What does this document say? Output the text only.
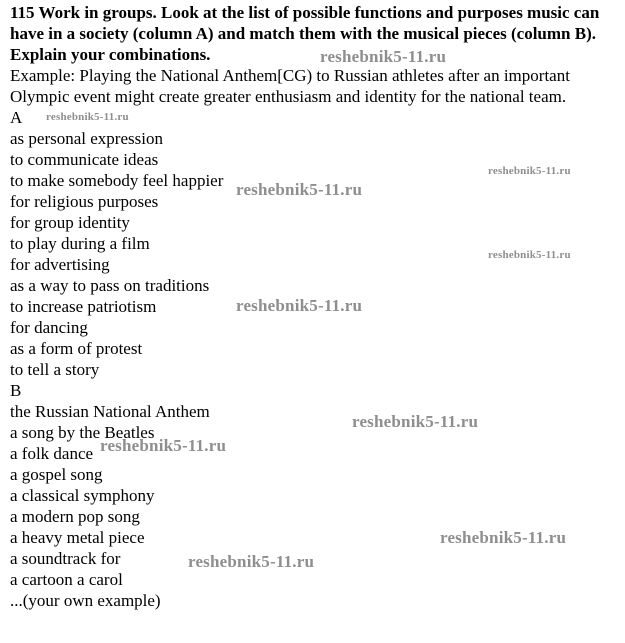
115 Work in groups. Look at the list of possible functions and purposes music can have in a society (column A) and match them with the musical pieces (column B). Explain your combinations.

Example: Playing the National Anthem[CG) to Russian athletes after an important Olympic event might create greater enthusiasm and identity for the national team.

A

as personal expression

to communicate ideas

to make somebody feel happier

for religious purposes

for group identity

to play during a film

for advertising

as a way to pass on traditions

to increase patriotism

for dancing

as a form of protest

to tell a story

B

the Russian National Anthem

a song by the Beatles

a folk dance

a gospel song

a classical symphony

a modern pop song

a heavy metal piece

a soundtrack for

a cartoon a carol

...(your own example)

reshebnik5-11.ru
reshebnik5-11.ru
reshebnik5-11.ru
reshebnik5-11.ru
reshebnik5-11.ru
reshebnik5-11.ru
reshebnik5-11.ru
reshebnik5-11.ru
reshebnik5-11.ru
reshebnik5-11.ru
